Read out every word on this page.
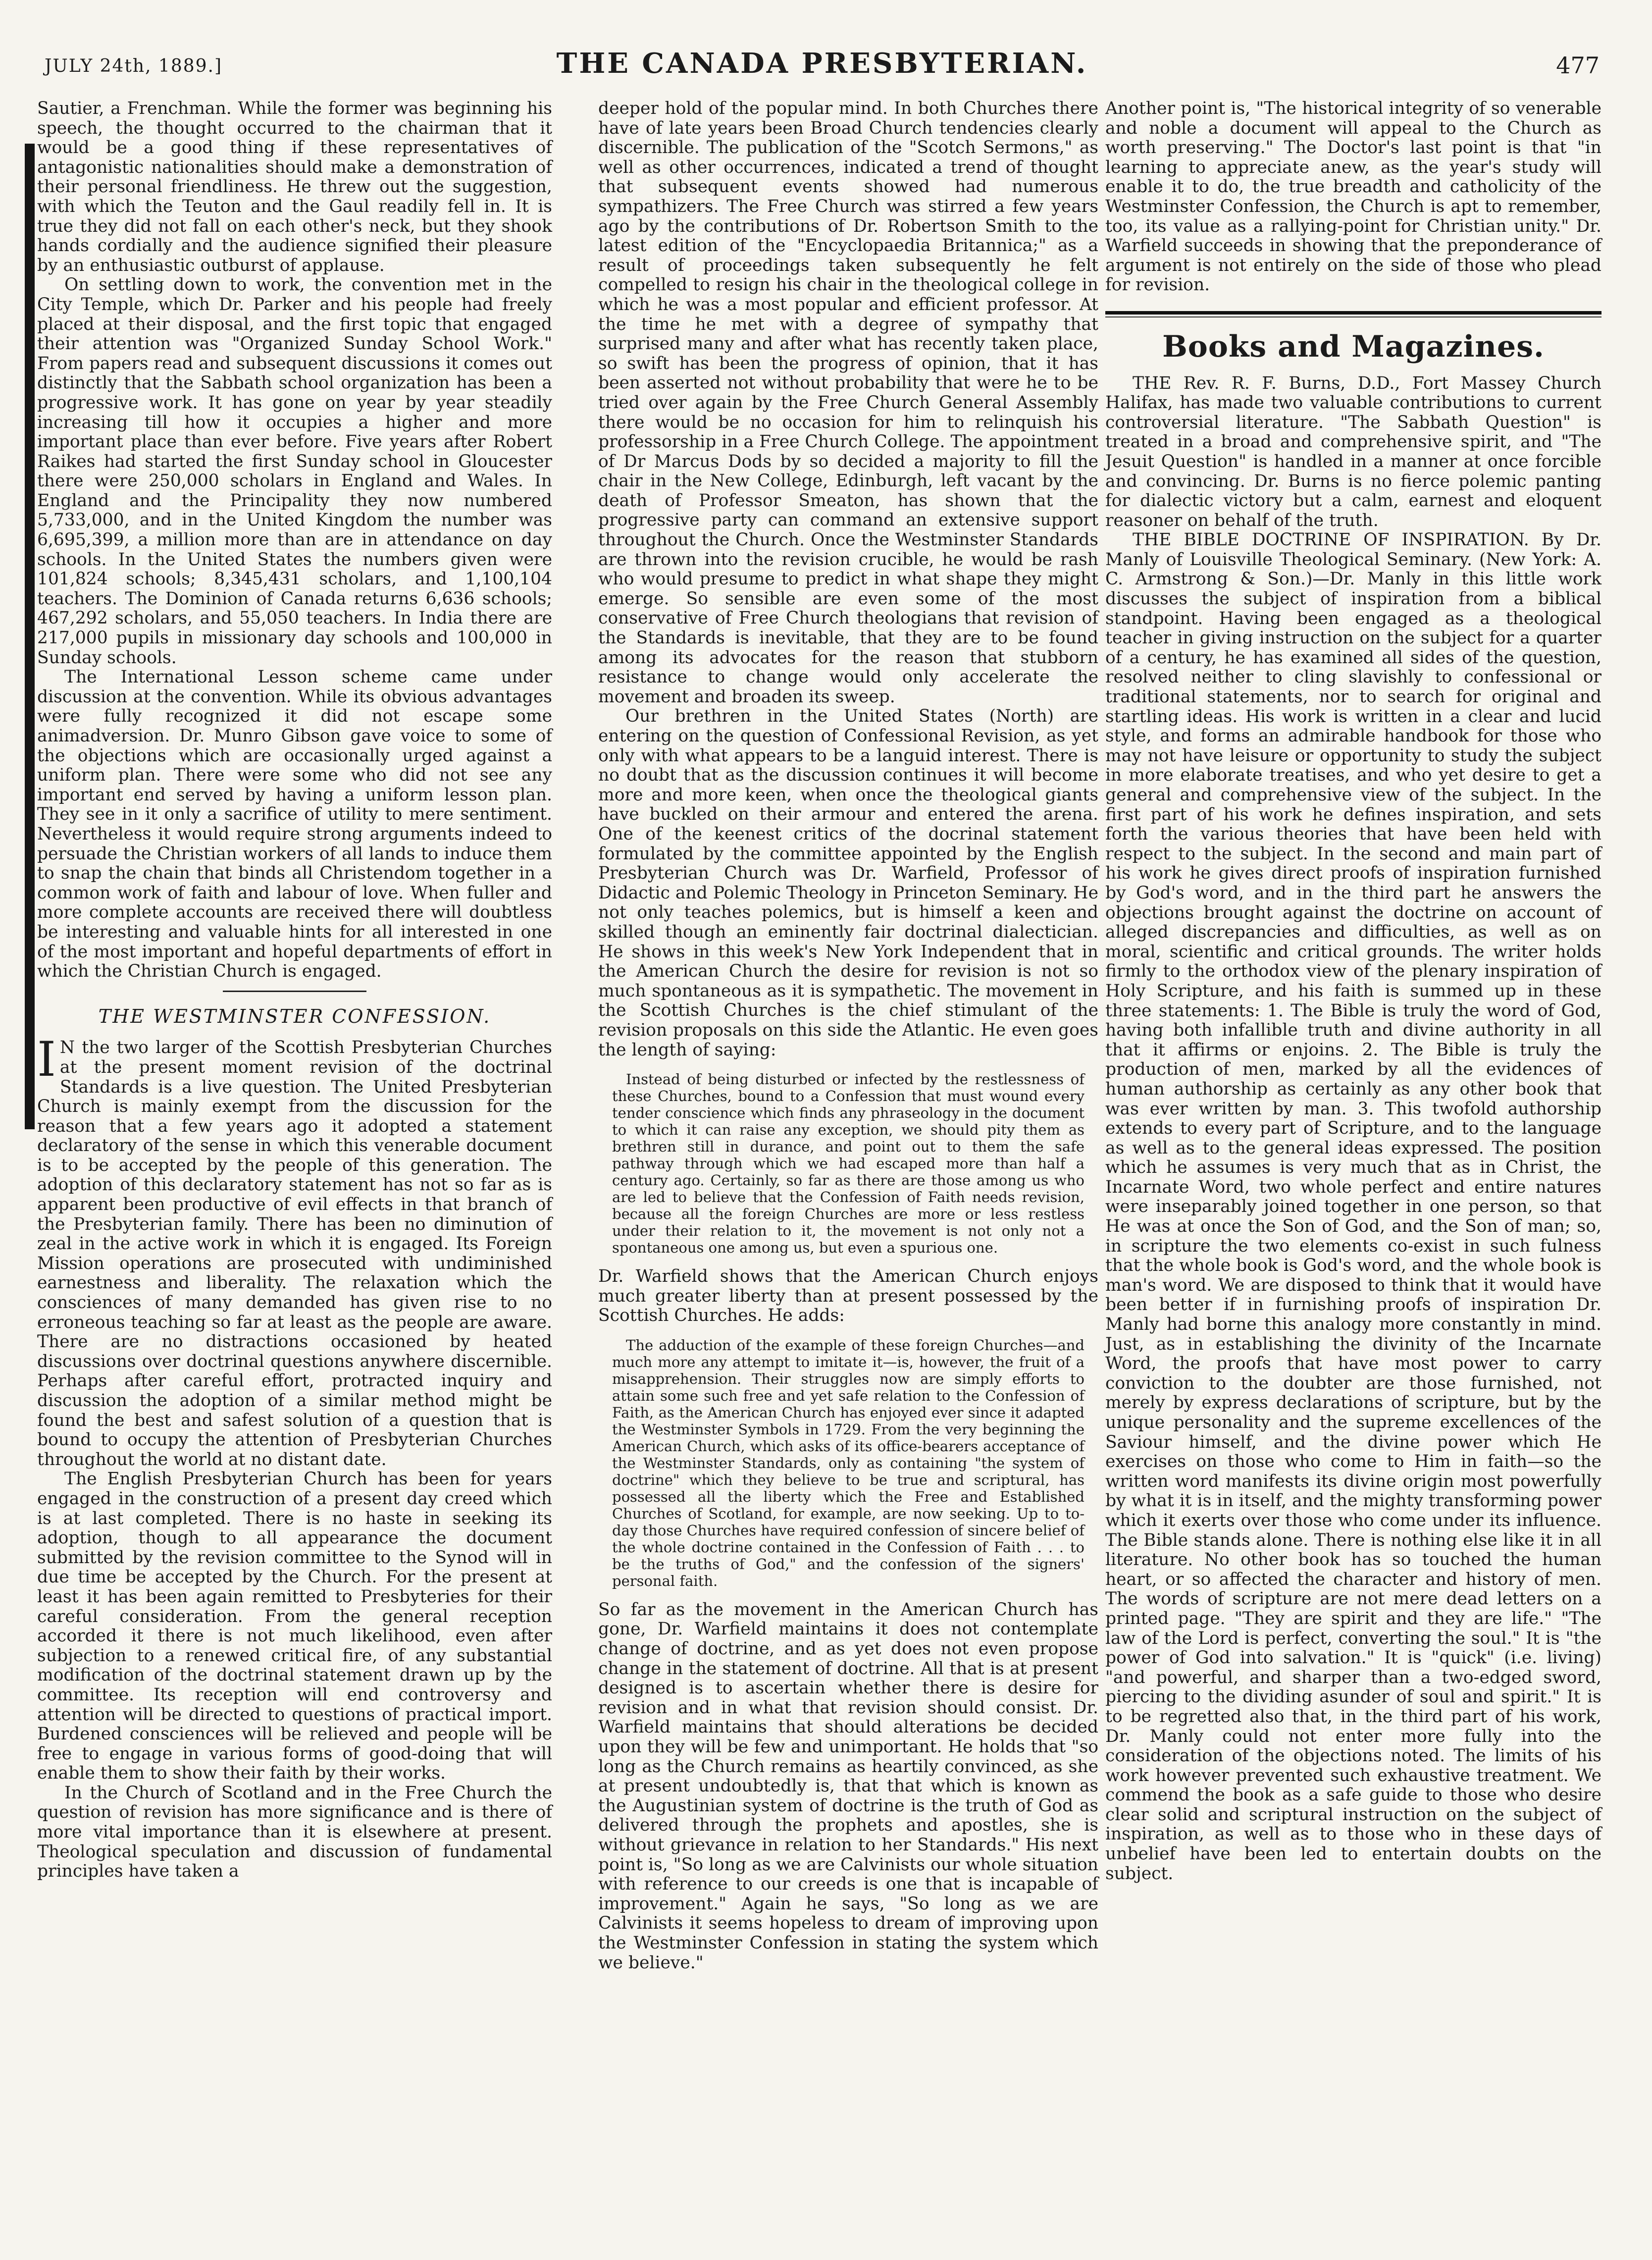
JULY 24th, 1889.]	THE CANADA PRESBYTERIAN.	477

Sautier, a Frenchman. While the former was beginning his speech, the thought occurred to the chairman that it would be a good thing if these representatives of antagonistic nationalities should make a demonstration of their personal friendliness. He threw out the suggestion, with which the Teuton and the Gaul readily fell in. It is true they did not fall on each other's neck, but they shook hands cordially and the audience signified their pleasure by an enthusiastic outburst of applause.

On settling down to work, the convention met in the City Temple, which Dr. Parker and his people had freely placed at their disposal, and the first topic that engaged their attention was "Organized Sunday School Work." From papers read and subsequent discussions it comes out distinctly that the Sabbath school organization has been a progressive work. It has gone on year by year steadily increasing till how it occupies a higher and more important place than ever before. Five years after Robert Raikes had started the first Sunday school in Gloucester there were 250,000 scholars in England and Wales. In England and the Principality they now numbered 5,733,000, and in the United Kingdom the number was 6,695,399, a million more than are in attendance on day schools. In the United States the numbers given were 101,824 schools; 8,345,431 scholars, and 1,100,104 teachers. The Dominion of Canada returns 6,636 schools; 467,292 scholars, and 55,050 teachers. In India there are 217,000 pupils in missionary day schools and 100,000 in Sunday schools.

The International Lesson scheme came under discussion at the convention. While its obvious advantages were fully recognized it did not escape some animadversion. Dr. Munro Gibson gave voice to some of the objections which are occasionally urged against a uniform plan. There were some who did not see any important end served by having a uniform lesson plan. They see in it only a sacrifice of utility to mere sentiment. Nevertheless it would require strong arguments indeed to persuade the Christian workers of all lands to induce them to snap the chain that binds all Christendom together in a common work of faith and labour of love. When fuller and more complete accounts are received there will doubtless be interesting and valuable hints for all interested in one of the most important and hopeful departments of effort in which the Christian Church is engaged.

THE WESTMINSTER CONFESSION.
I N the two larger of the Scottish Presbyterian Churches at the present moment revision of the doctrinal Standards is a live question. The United Presbyterian Church is mainly exempt from the discussion for the reason that a few years ago it adopted a statement declaratory of the sense in which this venerable document is to be accepted by the people of this generation. The adoption of this declaratory statement has not so far as is apparent been productive of evil effects in that branch of the Presbyterian family. There has been no diminution of zeal in the active work in which it is engaged. Its Foreign Mission operations are prosecuted with undiminished earnestness and liberality. The relaxation which the consciences of many demanded has given rise to no erroneous teaching so far at least as the people are aware. There are no distractions occasioned by heated discussions over doctrinal questions anywhere discernible. Perhaps after careful effort, protracted inquiry and discussion the adoption of a similar method might be found the best and safest solution of a question that is bound to occupy the attention of Presbyterian Churches throughout the world at no distant date.

The English Presbyterian Church has been for years engaged in the construction of a present day creed which is at last completed. There is no haste in seeking its adoption, though to all appearance the document submitted by the revision committee to the Synod will in due time be accepted by the Church. For the present at least it has been again remitted to Presbyteries for their careful consideration. From the general reception accorded it there is not much likelihood, even after subjection to a renewed critical fire, of any substantial modification of the doctrinal statement drawn up by the committee. Its reception will end controversy and attention will be directed to questions of practical import. Burdened consciences will be relieved and people will be free to engage in various forms of good-doing that will enable them to show their faith by their works.

In the Church of Scotland and in the Free Church the question of revision has more significance and is there of more vital importance than it is elsewhere at present. Theological speculation and discussion of fundamental principles have taken a

deeper hold of the popular mind. In both Churches there have of late years been Broad Church tendencies clearly discernible. The publication of the "Scotch Sermons," as well as other occurrences, indicated a trend of thought that subsequent events showed had numerous sympathizers. The Free Church was stirred a few years ago by the contributions of Dr. Robertson Smith to the latest edition of the "Encyclopaedia Britannica;" as a result of proceedings taken subsequently he felt compelled to resign his chair in the theological college in which he was a most popular and efficient professor. At the time he met with a degree of sympathy that surprised many and after what has recently taken place, so swift has been the progress of opinion, that it has been asserted not without probability that were he to be tried over again by the Free Church General Assembly there would be no occasion for him to relinquish his professorship in a Free Church College. The appointment of Dr Marcus Dods by so decided a majority to fill the chair in the New College, Edinburgh, left vacant by the death of Professor Smeaton, has shown that the progressive party can command an extensive support throughout the Church. Once the Westminster Standards are thrown into the revision crucible, he would be rash who would presume to predict in what shape they might emerge. So sensible are even some of the most conservative of Free Church theologians that revision of the Standards is inevitable, that they are to be found among its advocates for the reason that stubborn resistance to change would only accelerate the movement and broaden its sweep.

Our brethren in the United States (North) are entering on the question of Confessional Revision, as yet only with what appears to be a languid interest. There is no doubt that as the discussion continues it will become more and more keen, when once the theological giants have buckled on their armour and entered the arena. One of the keenest critics of the docrinal statement formulated by the committee appointed by the English Presbyterian Church was Dr. Warfield, Professor of Didactic and Polemic Theology in Princeton Seminary. He not only teaches polemics, but is himself a keen and skilled though an eminently fair doctrinal dialectician. He shows in this week's New York Independent that in the American Church the desire for revision is not so much spontaneous as it is sympathetic. The movement in the Scottish Churches is the chief stimulant of the revision proposals on this side the Atlantic. He even goes the length of saying:

Instead of being disturbed or infected by the restlessness of these Churches, bound to a Confession that must wound every tender conscience which finds any phraseology in the document to which it can raise any exception, we should pity them as brethren still in durance, and point out to them the safe pathway through which we had escaped more than half a century ago. Certainly, so far as there are those among us who are led to believe that the Confession of Faith needs revision, because all the foreign Churches are more or less restless under their relation to it, the movement is not only not a spontaneous one among us, but even a spurious one.

Dr. Warfield shows that the American Church enjoys much greater liberty than at present possessed by the Scottish Churches. He adds:

The adduction of the example of these foreign Churches—and much more any attempt to imitate it—is, however, the fruit of a misapprehension. Their struggles now are simply efforts to attain some such free and yet safe relation to the Confession of Faith, as the American Church has enjoyed ever since it adapted the Westminster Symbols in 1729. From the very beginning the American Church, which asks of its office-bearers acceptance of the Westminster Standards, only as containing "the system of doctrine" which they believe to be true and scriptural, has possessed all the liberty which the Free and Established Churches of Scotland, for example, are now seeking. Up to to-day those Churches have required confession of sincere belief of the whole doctrine contained in the Confession of Faith . . . to be the truths of God," and the confession of the signers' personal faith.

So far as the movement in the American Church has gone, Dr. Warfield maintains it does not contemplate change of doctrine, and as yet does not even propose change in the statement of doctrine. All that is at present designed is to ascertain whether there is desire for revision and in what that revision should consist. Dr. Warfield maintains that should alterations be decided upon they will be few and unimportant. He holds that "so long as the Church remains as heartily convinced, as she at present undoubtedly is, that that which is known as the Augustinian system of doctrine is the truth of God as delivered through the prophets and apostles, she is without grievance in relation to her Standards." His next point is, "So long as we are Calvinists our whole situation with reference to our creeds is one that is incapable of improvement." Again he says, "So long as we are Calvinists it seems hopeless to dream of improving upon the Westminster Confession in stating the system which we believe."

Another point is, "The historical integrity of so venerable and noble a document will appeal to the Church as worth preserving." The Doctor's last point is that "in learning to appreciate anew, as the year's study will enable it to do, the true breadth and catholicity of the Westminster Confession, the Church is apt to remember, too, its value as a rallying-point for Christian unity." Dr. Warfield succeeds in showing that the preponderance of argument is not entirely on the side of those who plead for revision.

Books and Magazines.

THE Rev. R. F. Burns, D.D., Fort Massey Church Halifax, has made two valuable contributions to current controversial literature. "The Sabbath Question" is treated in a broad and comprehensive spirit, and "The Jesuit Question" is handled in a manner at once forcible and convincing. Dr. Burns is no fierce polemic panting for dialectic victory but a calm, earnest and eloquent reasoner on behalf of the truth.

THE BIBLE DOCTRINE OF INSPIRATION. By Dr. Manly of Louisville Theological Seminary. (New York: A. C. Armstrong & Son.)—Dr. Manly in this little work discusses the subject of inspiration from a biblical standpoint. Having been engaged as a theological teacher in giving instruction on the subject for a quarter of a century, he has examined all sides of the question, resolved neither to cling slavishly to confessional or traditional statements, nor to search for original and startling ideas. His work is written in a clear and lucid style, and forms an admirable handbook for those who may not have leisure or opportunity to study the subject in more elaborate treatises, and who yet desire to get a general and comprehensive view of the subject. In the first part of his work he defines inspiration, and sets forth the various theories that have been held with respect to the subject. In the second and main part of his work he gives direct proofs of inspiration furnished by God's word, and in the third part he answers the objections brought against the doctrine on account of alleged discrepancies and difficulties, as well as on moral, scientific and critical grounds. The writer holds firmly to the orthodox view of the plenary inspiration of Holy Scripture, and his faith is summed up in these three statements: 1. The Bible is truly the word of God, having both infallible truth and divine authority in all that it affirms or enjoins. 2. The Bible is truly the production of men, marked by all the evidences of human authorship as certainly as any other book that was ever written by man. 3. This twofold authorship extends to every part of Scripture, and to the language as well as to the general ideas expressed. The position which he assumes is very much that as in Christ, the Incarnate Word, two whole perfect and entire natures were inseparably joined together in one person, so that He was at once the Son of God, and the Son of man; so, in scripture the two elements co-exist in such fulness that the whole book is God's word, and the whole book is man's word. We are disposed to think that it would have been better if in furnishing proofs of inspiration Dr. Manly had borne this analogy more constantly in mind. Just, as in establishing the divinity of the Incarnate Word, the proofs that have most power to carry conviction to the doubter are those furnished, not merely by express declarations of scripture, but by the unique personality and the supreme excellences of the Saviour himself, and the divine power which He exercises on those who come to Him in faith—so the written word manifests its divine origin most powerfully by what it is in itself, and the mighty transforming power which it exerts over those who come under its influence. The Bible stands alone. There is nothing else like it in all literature. No other book has so touched the human heart, or so affected the character and history of men. The words of scripture are not mere dead letters on a printed page. "They are spirit and they are life." "The law of the Lord is perfect, converting the soul." It is "the power of God into salvation." It is "quick" (i.e. living) "and powerful, and sharper than a two-edged sword, piercing to the dividing asunder of soul and spirit." It is to be regretted also that, in the third part of his work, Dr. Manly could not enter more fully into the consideration of the objections noted. The limits of his work however prevented such exhaustive treatment. We commend the book as a safe guide to those who desire clear solid and scriptural instruction on the subject of inspiration, as well as to those who in these days of unbelief have been led to entertain doubts on the subject.
